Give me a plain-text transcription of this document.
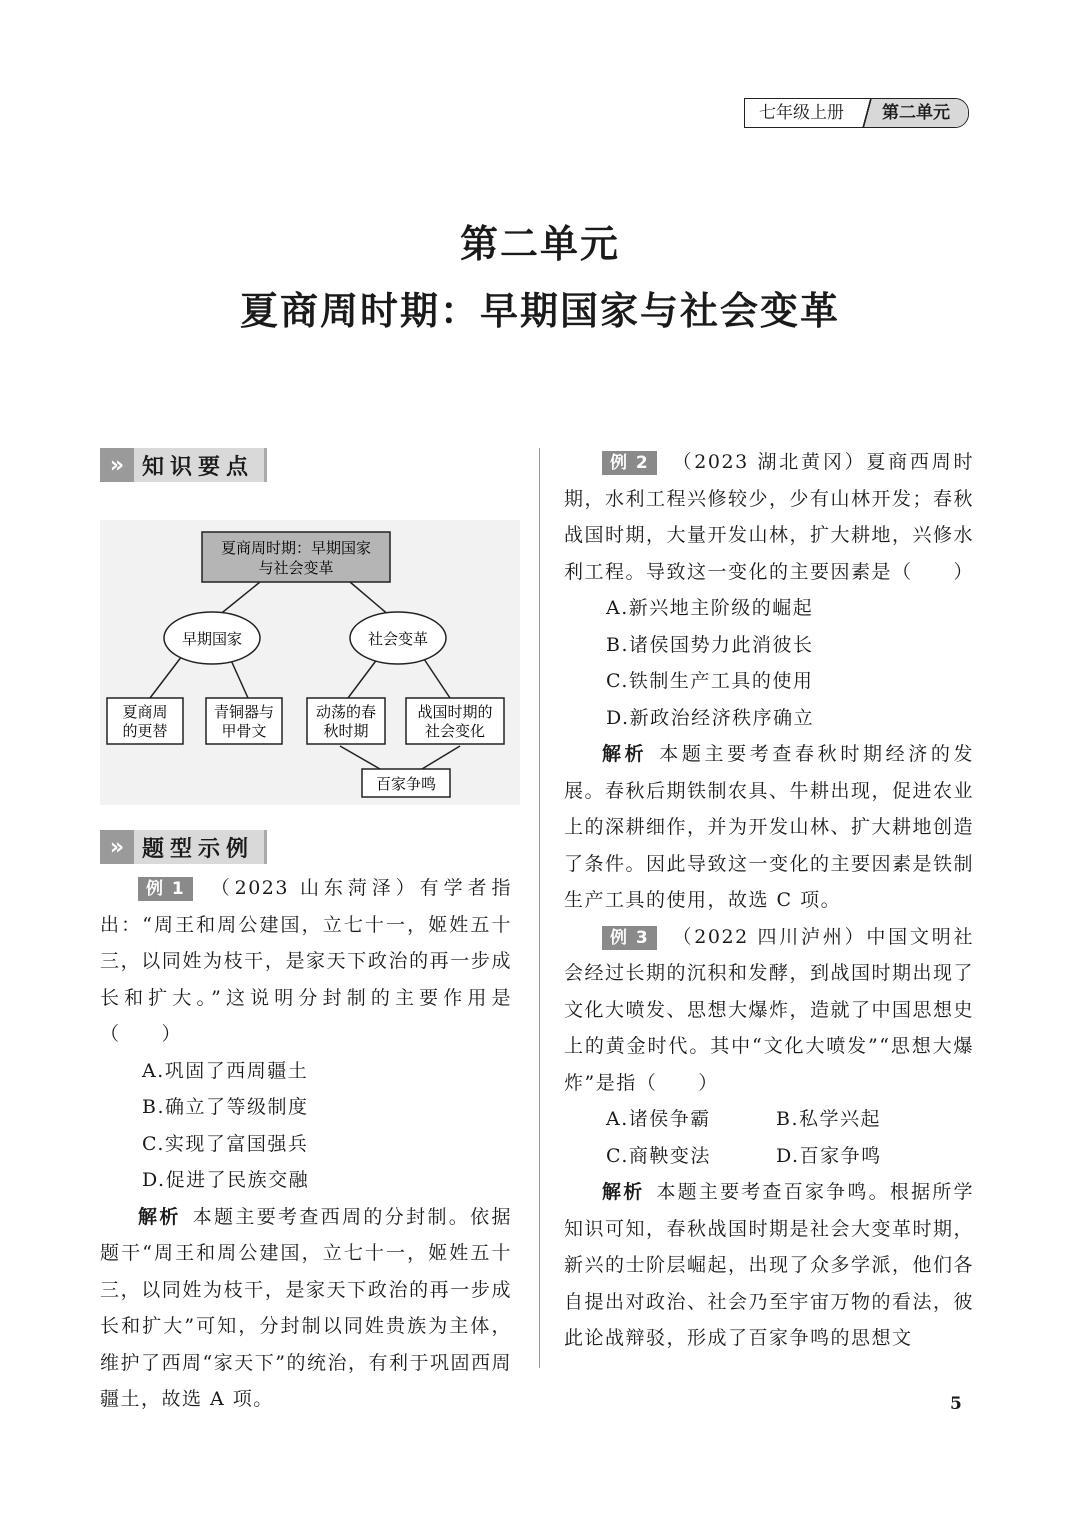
七年级上册	第二单元
第二单元
夏商周时期：早期国家与社会变革
» 知识要点
夏商周时期：早期国家
与社会变革
早期国家	社会变革
夏商周
的更替
青铜器与
甲骨文
动荡的春
秋时期
战国时期的
社会变化
百家争鸣
» 题型示例

例 1 （2023 山东菏泽）有学者指出：“周王和周公建国，立七十一，姬姓五十三，以同姓为枝干，是家天下政治的再一步成长和扩大。”这说明分封制的主要作用是（　　）

A.巩固了西周疆土

B.确立了等级制度

C.实现了富国强兵

D.促进了民族交融

解析 本题主要考查西周的分封制。依据题干“周王和周公建国，立七十一，姬姓五十三，以同姓为枝干，是家天下政治的再一步成长和扩大”可知，分封制以同姓贵族为主体，维护了西周“家天下”的统治，有利于巩固西周疆土，故选 A 项。

例 2 （2023 湖北黄冈）夏商西周时期，水利工程兴修较少，少有山林开发；春秋战国时期，大量开发山林，扩大耕地，兴修水利工程。导致这一变化的主要因素是（　　）

A.新兴地主阶级的崛起

B.诸侯国势力此消彼长

C.铁制生产工具的使用

D.新政治经济秩序确立

解析 本题主要考查春秋时期经济的发展。春秋后期铁制农具、牛耕出现，促进农业上的深耕细作，并为开发山林、扩大耕地创造了条件。因此导致这一变化的主要因素是铁制生产工具的使用，故选 C 项。

例 3 （2022 四川泸州）中国文明社会经过长期的沉积和发酵，到战国时期出现了文化大喷发、思想大爆炸，造就了中国思想史上的黄金时代。其中“文化大喷发”“思想大爆炸”是指（　　）

A.诸侯争霸	B.私学兴起
C.商鞅变法	D.百家争鸣

解析 本题主要考查百家争鸣。根据所学知识可知，春秋战国时期是社会大变革时期，新兴的士阶层崛起，出现了众多学派，他们各自提出对政治、社会乃至宇宙万物的看法，彼此论战辩驳，形成了百家争鸣的思想文

5
